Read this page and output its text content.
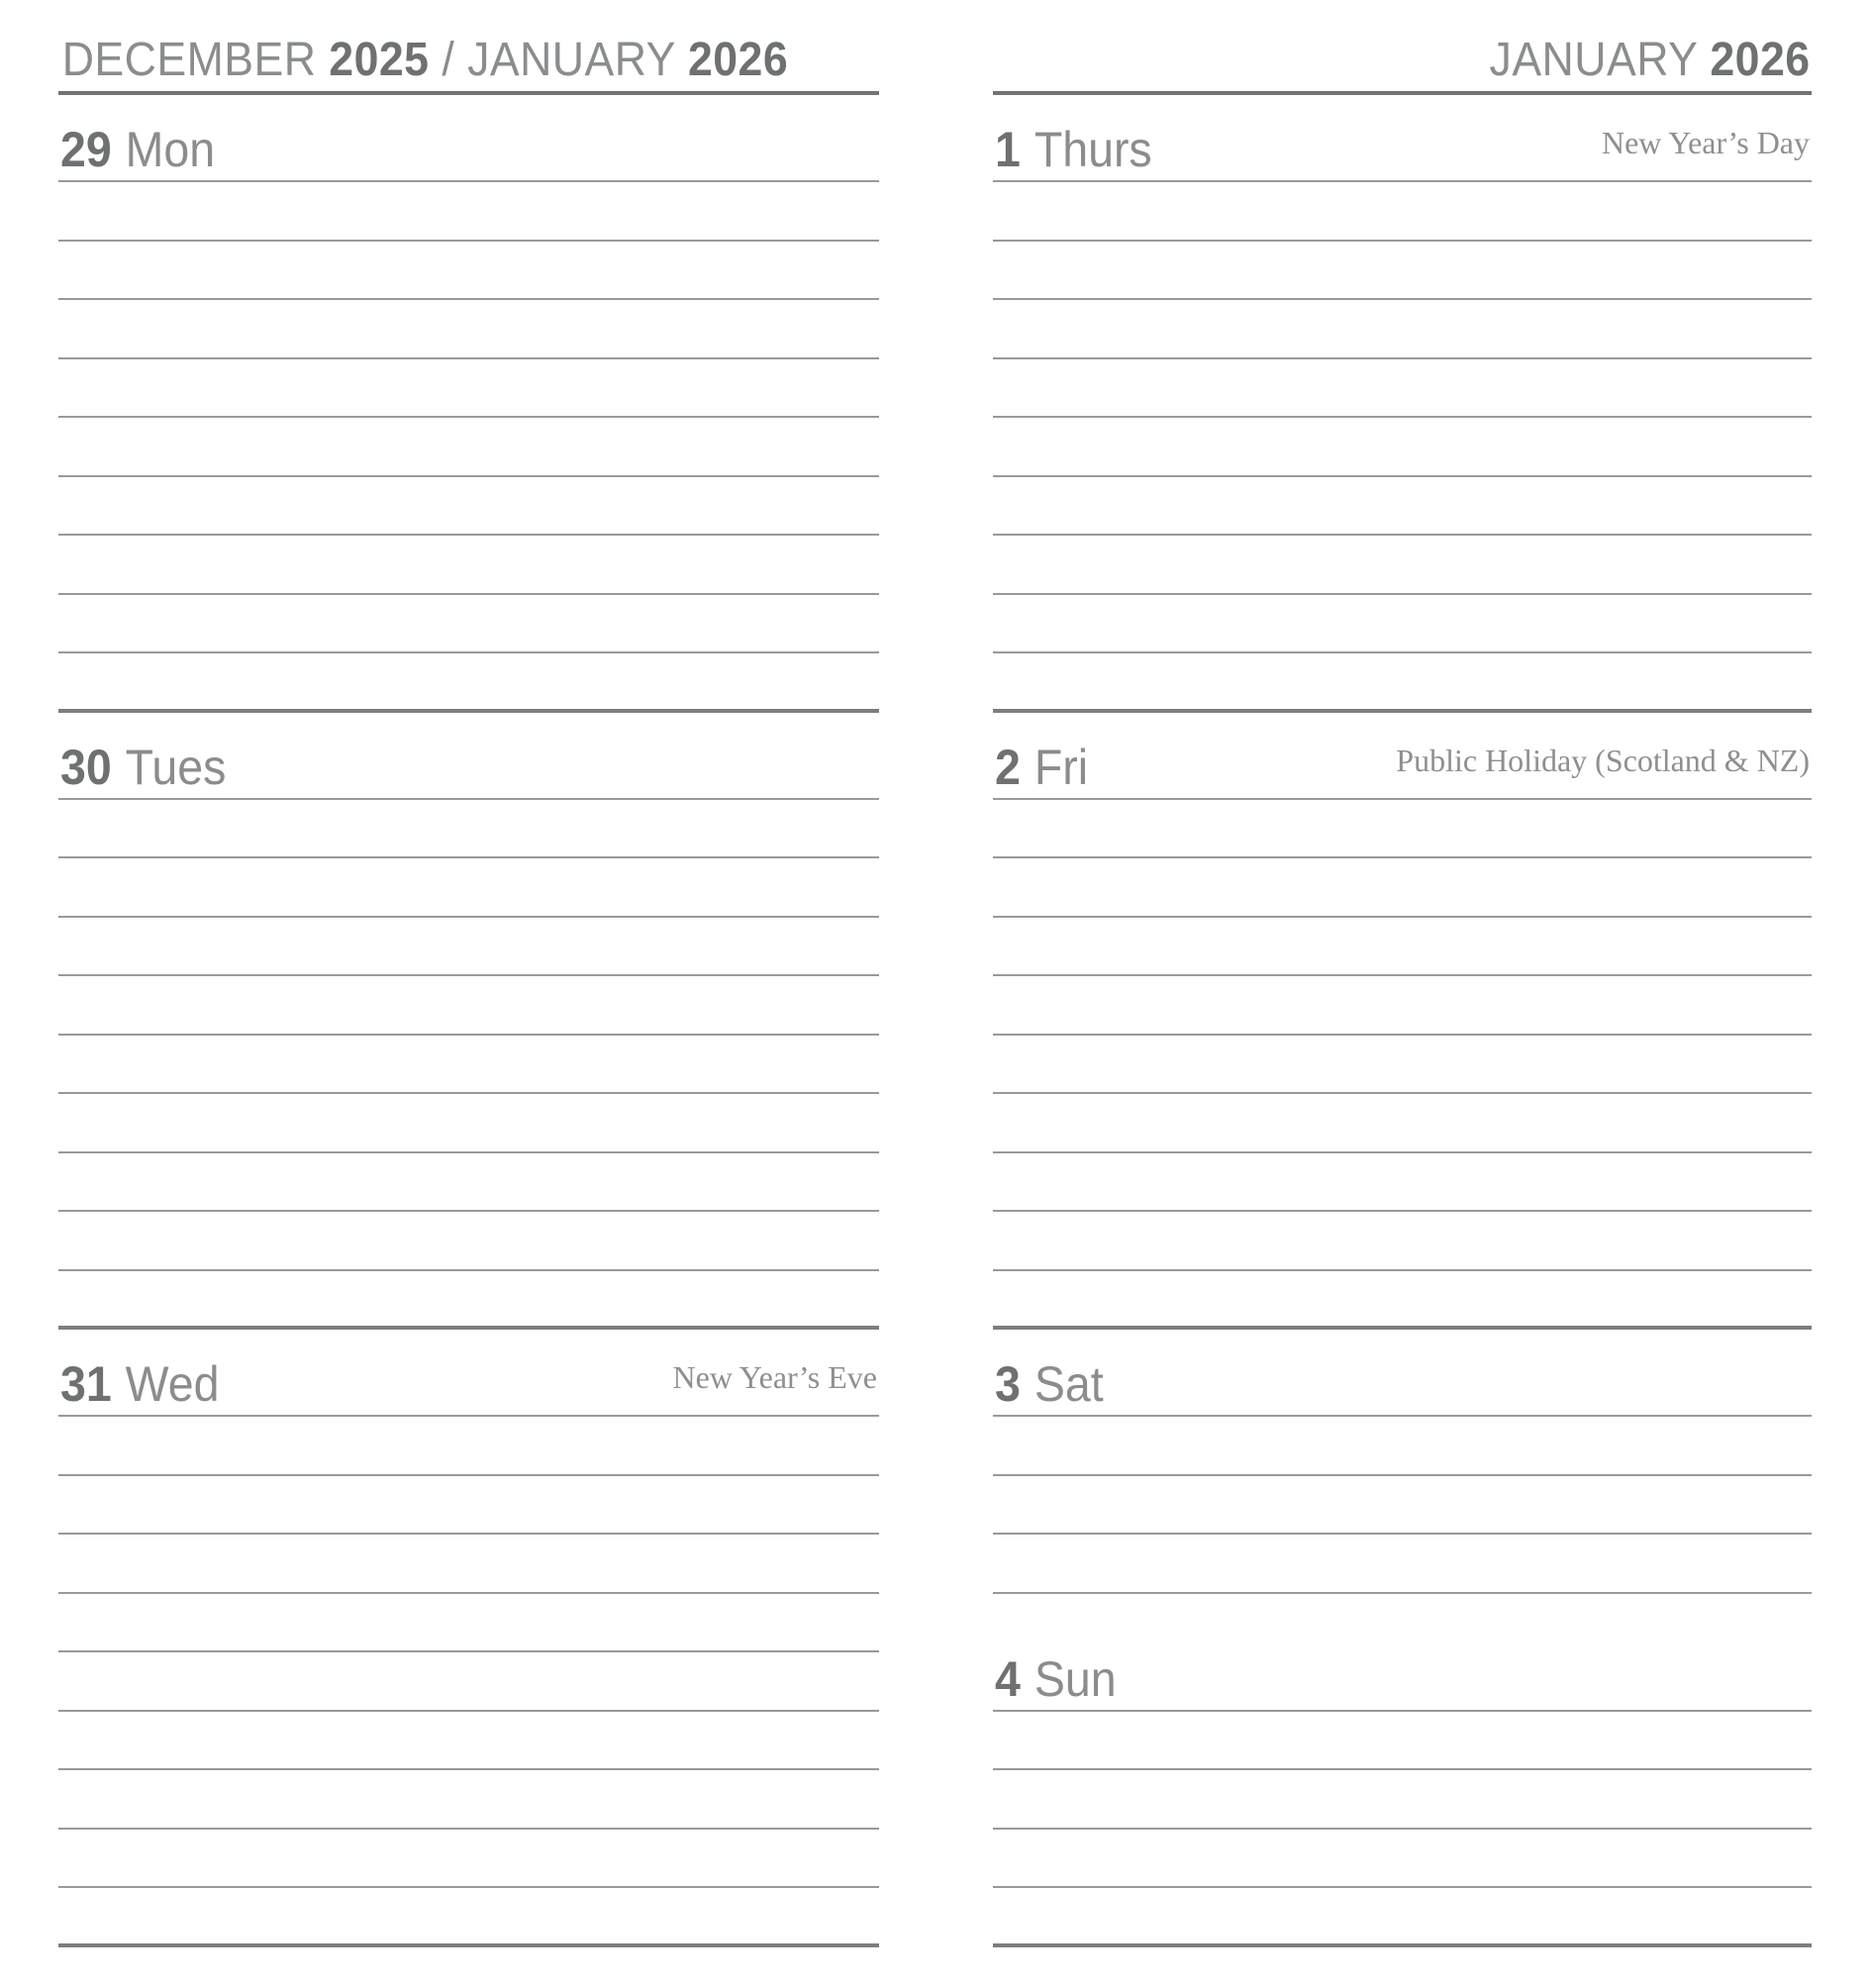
DECEMBER 2025 / JANUARY 2026
29 Mon
30 Tues
31 Wed	New Year’s Eve
JANUARY 2026
1 Thurs	New Year’s Day
2 Fri	Public Holiday (Scotland & NZ)
3 Sat
4 Sun
